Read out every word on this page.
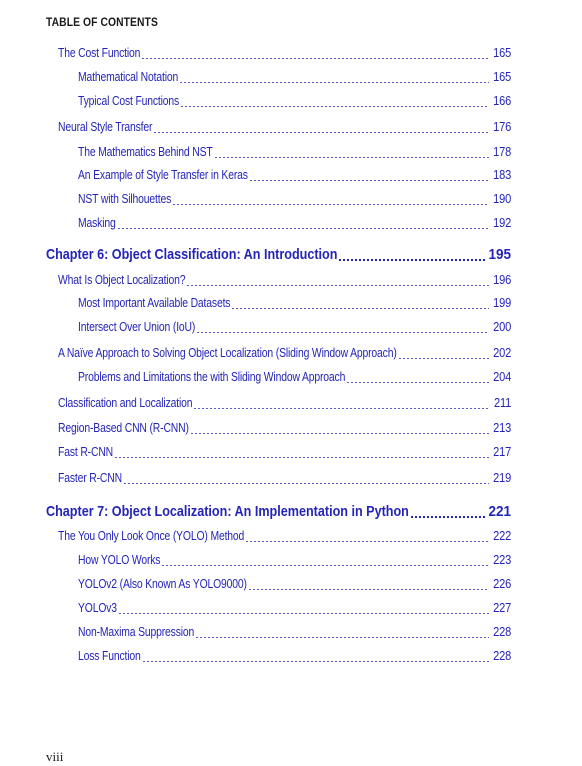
TABLE OF CONTENTS
The Cost Function	165
Mathematical Notation	165
Typical Cost Functions	166
Neural Style Transfer	176
The Mathematics Behind NST	178
An Example of Style Transfer in Keras	183
NST with Silhouettes	190
Masking	192
Chapter 6: Object Classification: An Introduction	195
What Is Object Localization?	196
Most Important Available Datasets	199
Intersect Over Union (IoU)	200
A Naïve Approach to Solving Object Localization (Sliding Window Approach)	202
Problems and Limitations the with Sliding Window Approach	204
Classification and Localization	211
Region-Based CNN (R-CNN)	213
Fast R-CNN	217
Faster R-CNN	219
Chapter 7: Object Localization: An Implementation in Python	221
The You Only Look Once (YOLO) Method	222
How YOLO Works	223
YOLOv2 (Also Known As YOLO9000)	226
YOLOv3	227
Non-Maxima Suppression	228
Loss Function	228
viii
